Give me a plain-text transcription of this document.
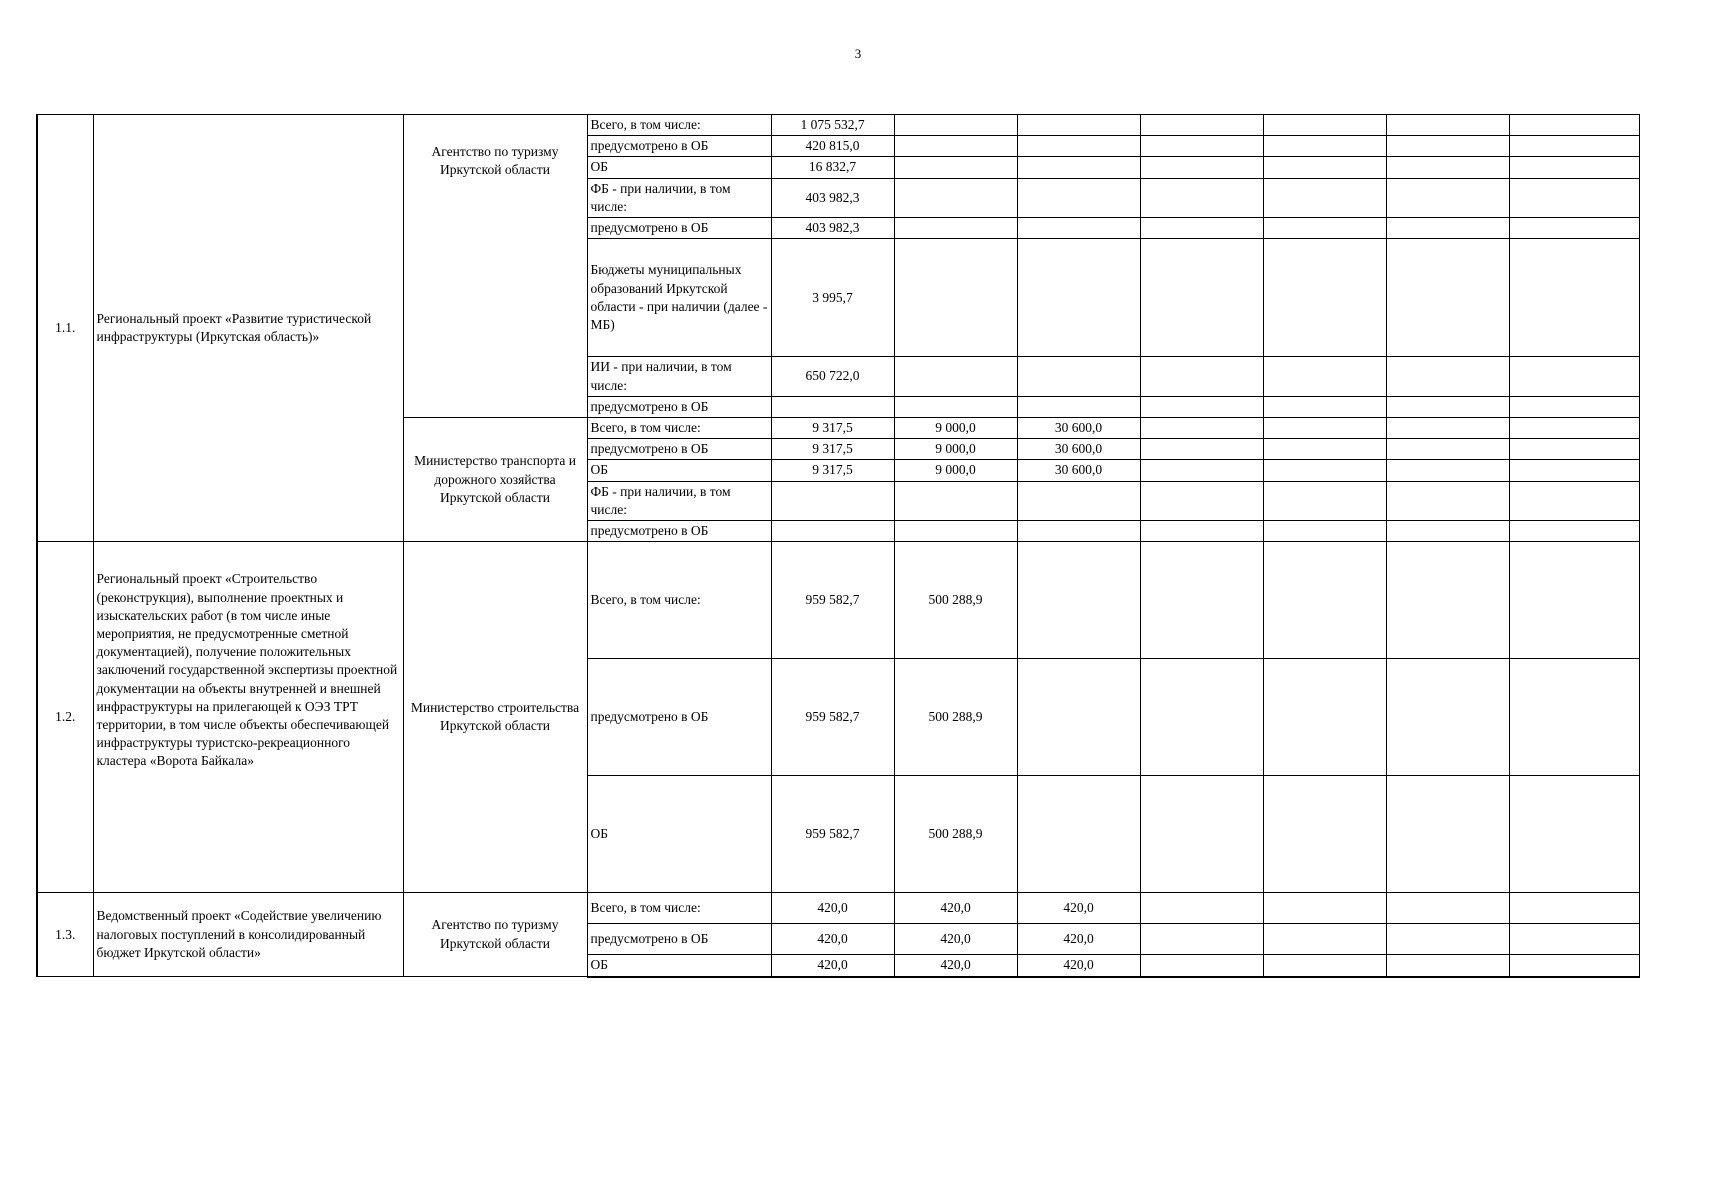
3
1.1.	Региональный проект «Развитие туристической инфраструктуры (Иркутская область)»	Агентство по туризму Иркутской области	Всего, в том числе:	1 075 532,7						
			предусмотрено в ОБ	420 815,0						
			ОБ	16 832,7						
			ФБ - при наличии, в том числе:	403 982,3						
			предусмотрено в ОБ	403 982,3						
			Бюджеты муниципальных образований Иркутской области - при наличии (далее - МБ)	3 995,7						
			ИИ - при наличии, в том числе:	650 722,0						
			предусмотрено в ОБ							
		Министерство транспорта и дорожного хозяйства Иркутской области	Всего, в том числе:	9 317,5	9 000,0	30 600,0				
			предусмотрено в ОБ	9 317,5	9 000,0	30 600,0				
			ОБ	9 317,5	9 000,0	30 600,0				
			ФБ - при наличии, в том числе:							
			предусмотрено в ОБ							
1.2.	Региональный проект «Строительство (реконструкция), выполнение проектных и изыскательских работ (в том числе иные мероприятия, не предусмотренные сметной документацией), получение положительных заключений государственной экспертизы проектной документации на объекты внутренней и внешней инфраструктуры на прилегающей к ОЭЗ ТРТ территории, в том числе объекты обеспечивающей инфраструктуры туристско-рекреационного кластера «Ворота Байкала»	Министерство строительства Иркутской области	Всего, в том числе:	959 582,7	500 288,9					
			предусмотрено в ОБ	959 582,7	500 288,9					
			ОБ	959 582,7	500 288,9					
1.3.	Ведомственный проект «Содействие увеличению налоговых поступлений в консолидированный бюджет Иркутской области»	Агентство по туризму Иркутской области	Всего, в том числе:	420,0	420,0	420,0				
			предусмотрено в ОБ	420,0	420,0	420,0				
			ОБ	420,0	420,0	420,0				
